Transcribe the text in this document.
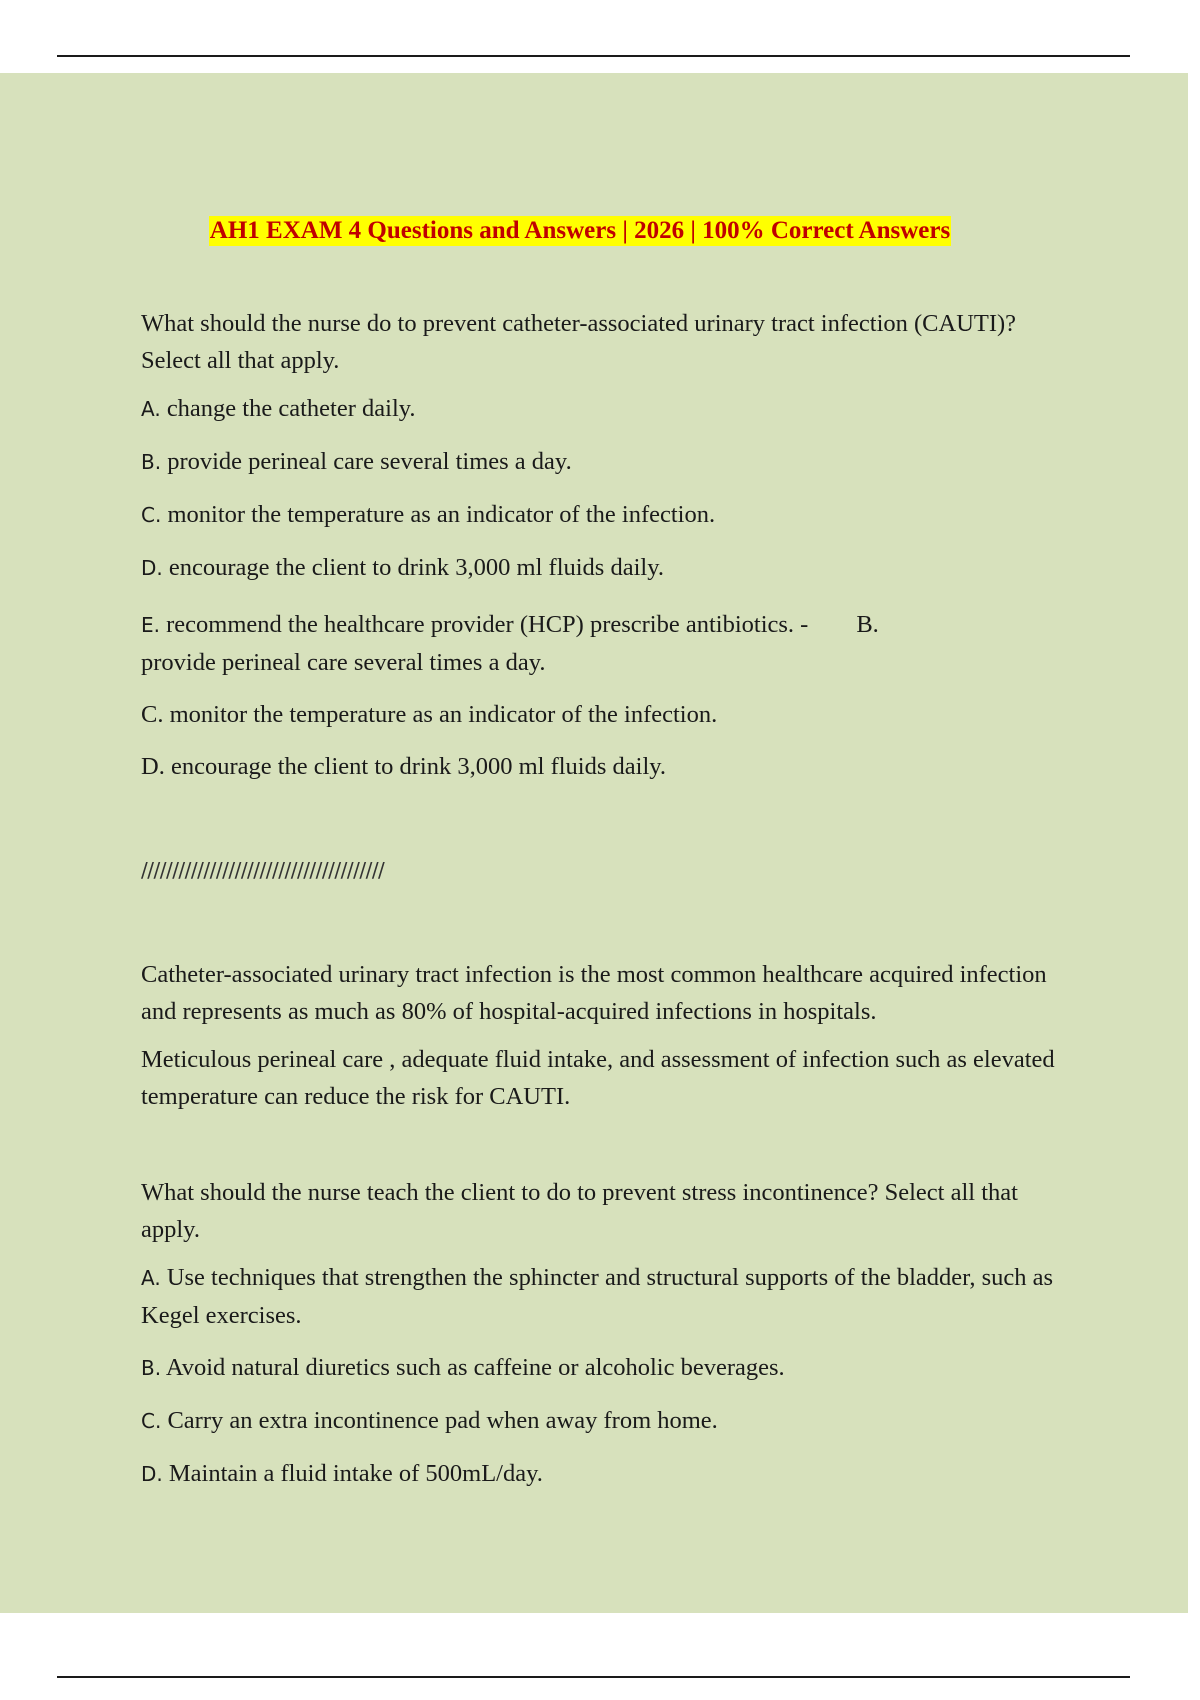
AH1 EXAM 4 Questions and Answers | 2026 | 100% Correct Answers

What should the nurse do to prevent catheter-associated urinary tract infection (CAUTI)? Select all that apply.

A. change the catheter daily.

B. provide perineal care several times a day.

C. monitor the temperature as an indicator of the infection.

D. encourage the client to drink 3,000 ml fluids daily.

E. recommend the healthcare provider (HCP) prescribe antibiotics. - B.
provide perineal care several times a day.

C. monitor the temperature as an indicator of the infection.

D. encourage the client to drink 3,000 ml fluids daily.

///////////////////////////////////////

Catheter-associated urinary tract infection is the most common healthcare acquired infection and represents as much as 80% of hospital-acquired infections in hospitals.

Meticulous perineal care , adequate fluid intake, and assessment of infection such as elevated temperature can reduce the risk for CAUTI.

What should the nurse teach the client to do to prevent stress incontinence? Select all that apply.

A. Use techniques that strengthen the sphincter and structural supports of the bladder, such as Kegel exercises.

B. Avoid natural diuretics such as caffeine or alcoholic beverages.

C. Carry an extra incontinence pad when away from home.

D. Maintain a fluid intake of 500mL/day.
